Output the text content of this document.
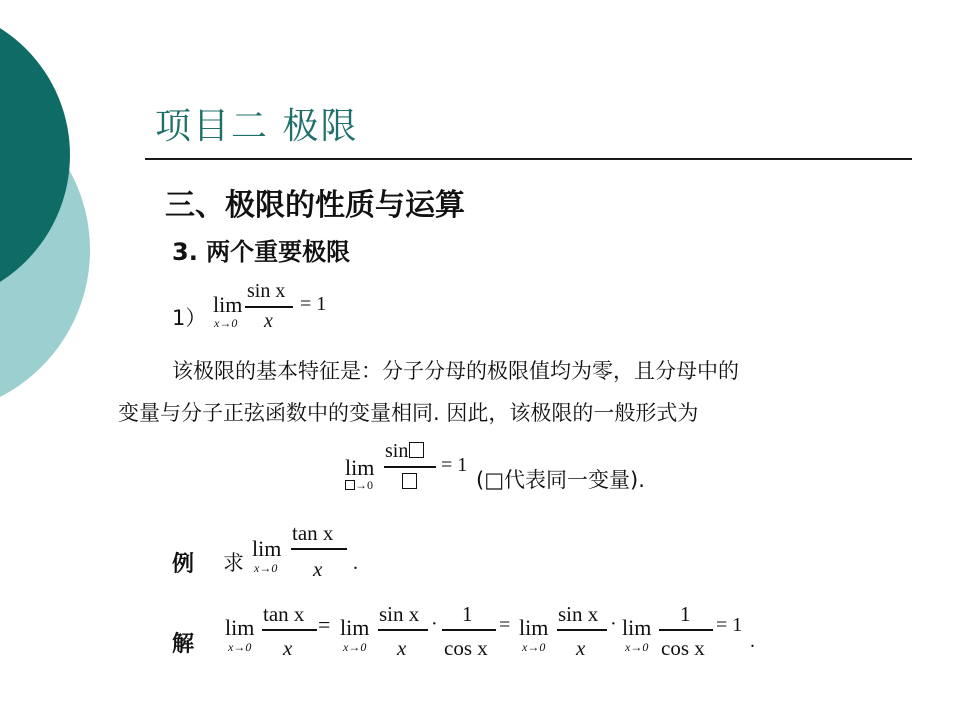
项目二 极限
三、极限的性质与运算
3. 两个重要极限
1）
lim
x→0
sin x
x
= 1
该极限的基本特征是：分子分母的极限值均为零，且分母中的
变量与分子正弦函数中的变量相同. 因此，该极限的一般形式为
lim
→0
sin
= 1
(□代表同一变量).
例 求
lim
x→0
tan x
x .
解
lim
x→0
tan x
x
= lim
x→0
sin x
x
· 1
cos x
= lim
x→0
sin x
x
· lim
x→0
1
cos x
= 1
.
